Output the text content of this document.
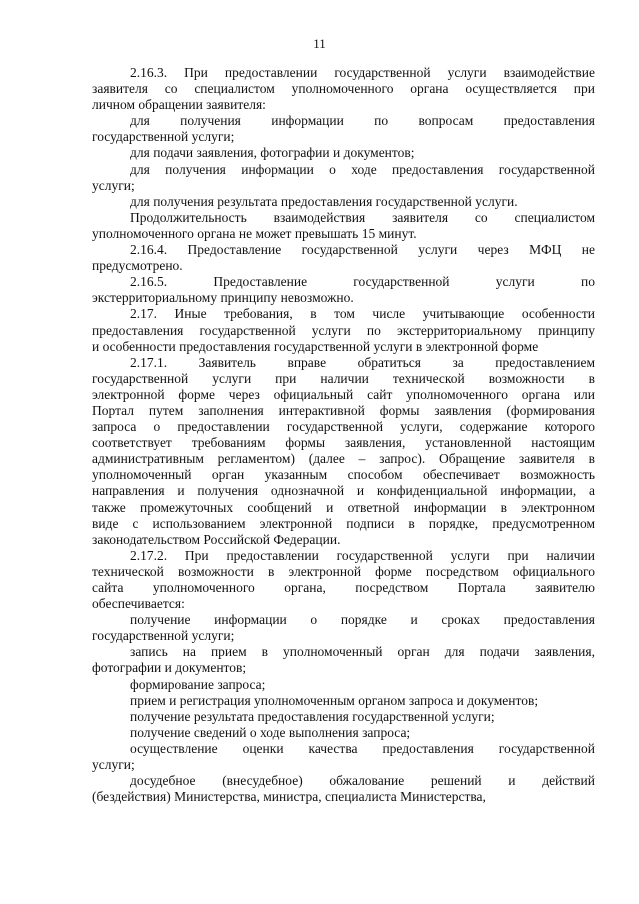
11
2.16.3. При предоставлении государственной услуги взаимодействие
заявителя со специалистом уполномоченного органа осуществляется при
личном обращении заявителя:
для получения информации по вопросам предоставления
государственной услуги;
для подачи заявления, фотографии и документов;
для получения информации о ходе предоставления государственной
услуги;
для получения результата предоставления государственной услуги.
Продолжительность взаимодействия заявителя со специалистом
уполномоченного органа не может превышать 15 минут.
2.16.4. Предоставление государственной услуги через МФЦ не
предусмотрено.
2.16.5. Предоставление государственной услуги по
экстерриториальному принципу невозможно.
2.17. Иные требования, в том числе учитывающие особенности
предоставления государственной услуги по экстерриториальному принципу
и особенности предоставления государственной услуги в электронной форме
2.17.1. Заявитель вправе обратиться за предоставлением
государственной услуги при наличии технической возможности в
электронной форме через официальный сайт уполномоченного органа или
Портал путем заполнения интерактивной формы заявления (формирования
запроса о предоставлении государственной услуги, содержание которого
соответствует требованиям формы заявления, установленной настоящим
административным регламентом) (далее – запрос). Обращение заявителя в
уполномоченный орган указанным способом обеспечивает возможность
направления и получения однозначной и конфиденциальной информации, а
также промежуточных сообщений и ответной информации в электронном
виде с использованием электронной подписи в порядке, предусмотренном
законодательством Российской Федерации.
2.17.2. При предоставлении государственной услуги при наличии
технической возможности в электронной форме посредством официального
сайта уполномоченного органа, посредством Портала заявителю
обеспечивается:
получение информации о порядке и сроках предоставления
государственной услуги;
запись на прием в уполномоченный орган для подачи заявления,
фотографии и документов;
формирование запроса;
прием и регистрация уполномоченным органом запроса и документов;
получение результата предоставления государственной услуги;
получение сведений о ходе выполнения запроса;
осуществление оценки качества предоставления государственной
услуги;
досудебное (внесудебное) обжалование решений и действий
(бездействия) Министерства, министра, специалиста Министерства,
